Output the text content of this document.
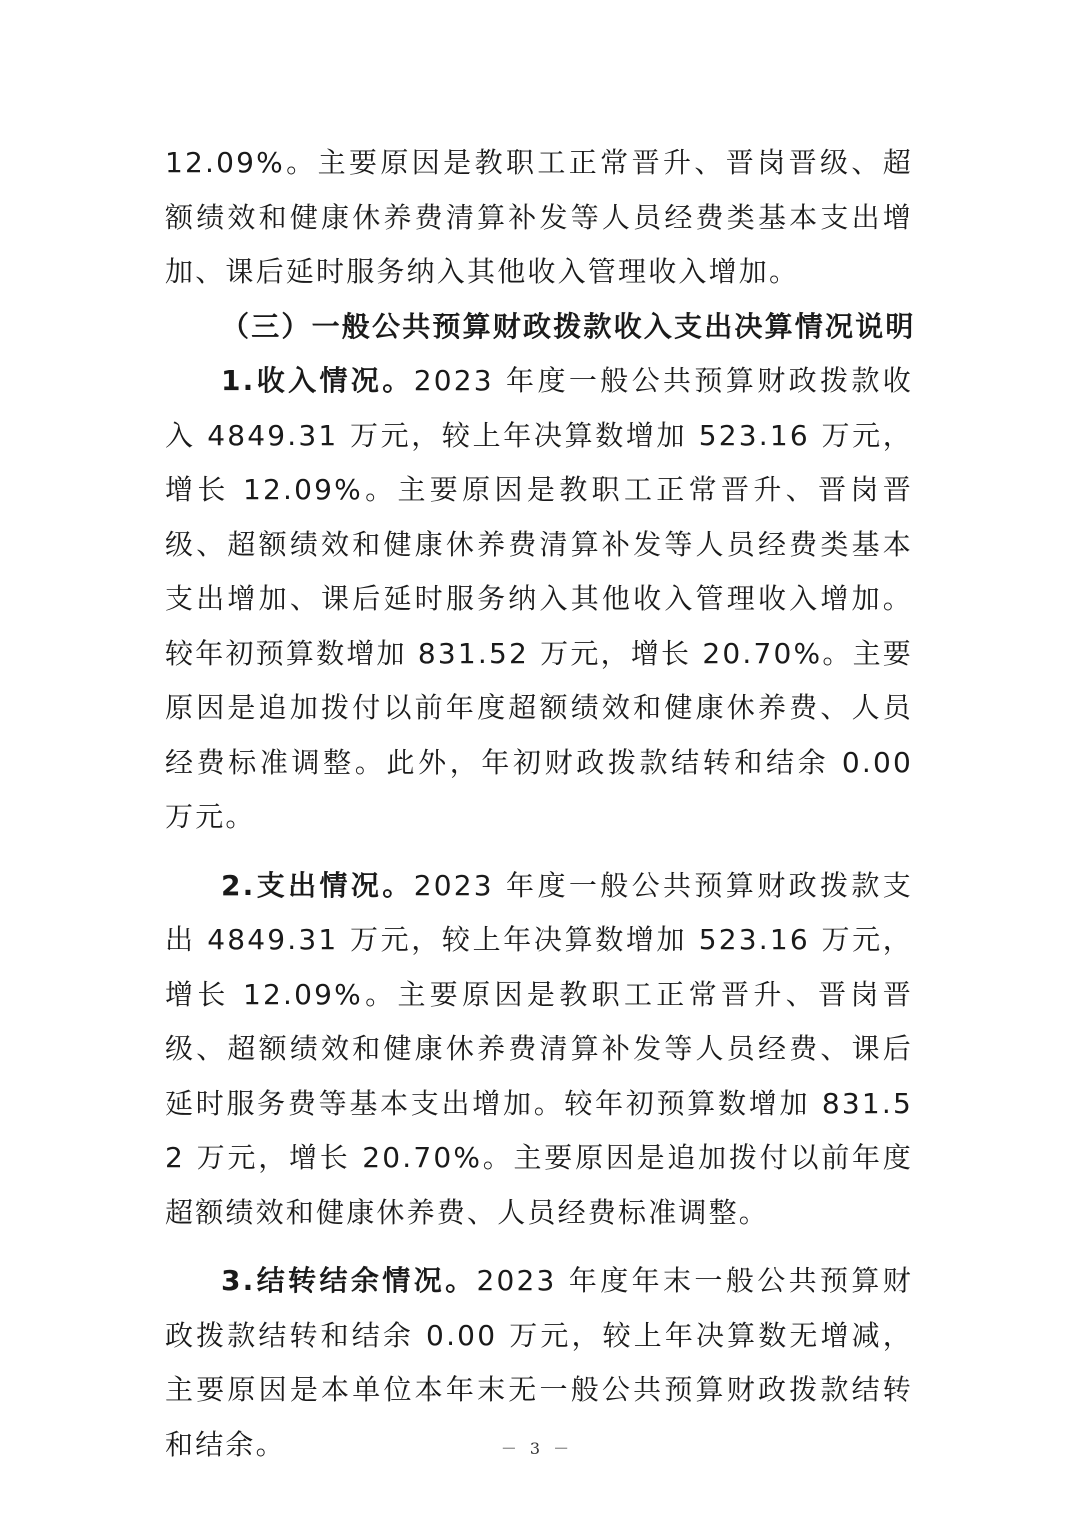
12.09%。主要原因是教职工正常晋升、晋岗晋级、超额绩效和健康休养费清算补发等人员经费类基本支出增加、课后延时服务纳入其他收入管理收入增加。

（三）一般公共预算财政拨款收入支出决算情况说明

1.收入情况。2023 年度一般公共预算财政拨款收入 4849.31 万元，较上年决算数增加 523.16 万元，增长 12.09%。主要原因是教职工正常晋升、晋岗晋级、超额绩效和健康休养费清算补发等人员经费类基本支出增加、课后延时服务纳入其他收入管理收入增加。较年初预算数增加 831.52 万元，增长 20.70%。主要原因是追加拨付以前年度超额绩效和健康休养费、人员经费标准调整。此外，年初财政拨款结转和结余 0.00 万元。

2.支出情况。2023 年度一般公共预算财政拨款支出 4849.31 万元，较上年决算数增加 523.16 万元，增长 12.09%。主要原因是教职工正常晋升、晋岗晋级、超额绩效和健康休养费清算补发等人员经费、课后延时服务费等基本支出增加。较年初预算数增加 831.52 万元，增长 20.70%。主要原因是追加拨付以前年度超额绩效和健康休养费、人员经费标准调整。

3.结转结余情况。2023 年度年末一般公共预算财政拨款结转和结余 0.00 万元，较上年决算数无增减，主要原因是本单位本年末无一般公共预算财政拨款结转和结余。	－ 3 －
